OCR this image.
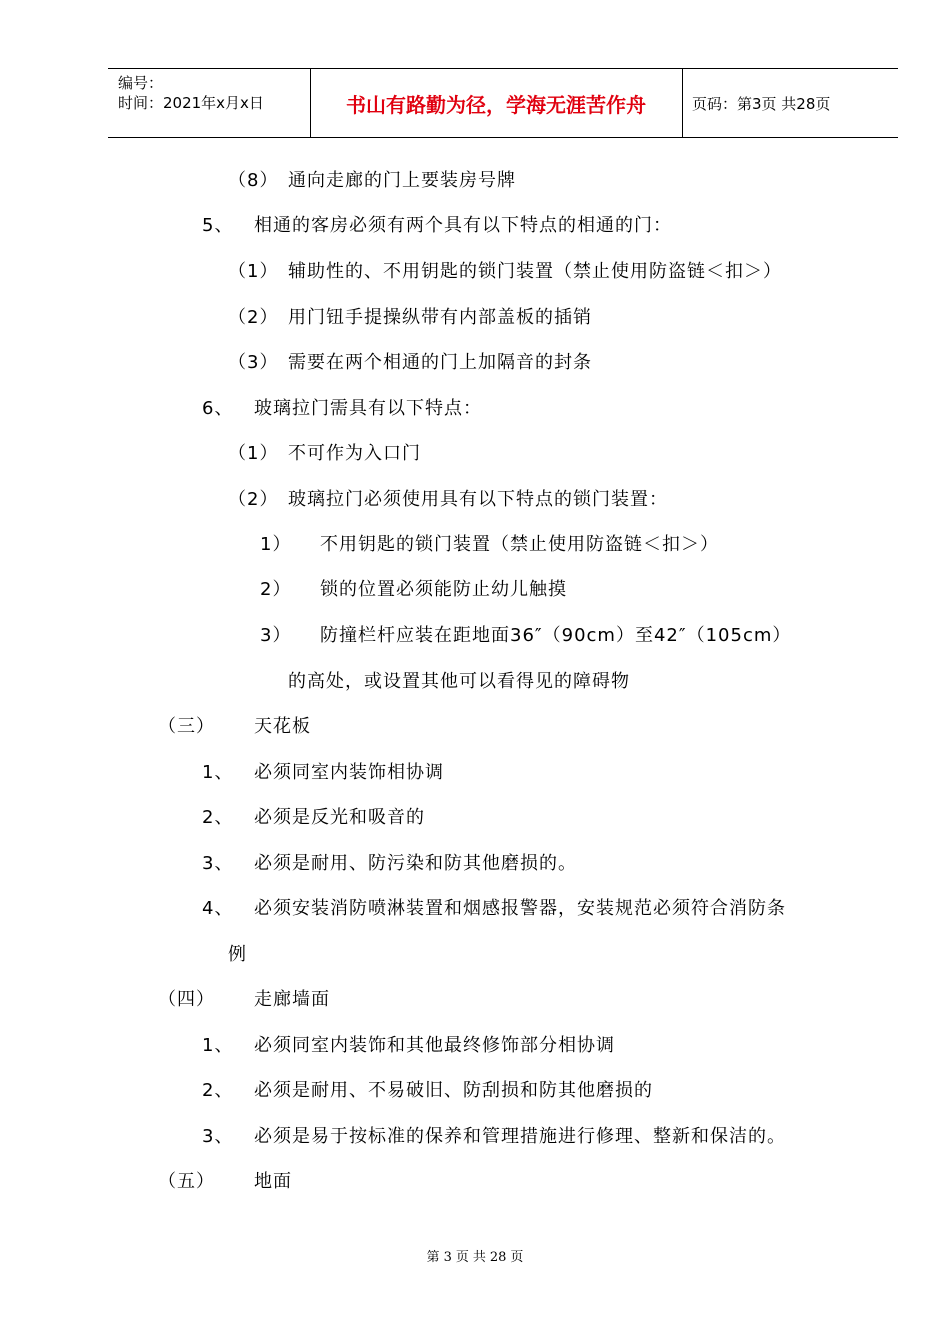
编号：
时间：2021年x月x日	书山有路勤为径，学海无涯苦作舟	页码：第3页 共28页
（8） 通向走廊的门上要装房号牌
5、 相通的客房必须有两个具有以下特点的相通的门：
（1） 辅助性的、不用钥匙的锁门装置（禁止使用防盗链＜扣＞）
（2） 用门钮手提操纵带有内部盖板的插销
（3） 需要在两个相通的门上加隔音的封条
6、 玻璃拉门需具有以下特点：
（1） 不可作为入口门
（2） 玻璃拉门必须使用具有以下特点的锁门装置：
1） 不用钥匙的锁门装置（禁止使用防盗链＜扣＞）
2） 锁的位置必须能防止幼儿触摸
3） 防撞栏杆应装在距地面36″（90cm）至42″（105cm）
的高处，或设置其他可以看得见的障碍物
（三） 天花板
1、 必须同室内装饰相协调
2、 必须是反光和吸音的
3、 必须是耐用、防污染和防其他磨损的。
4、 必须安装消防喷淋装置和烟感报警器，安装规范必须符合消防条
例
（四） 走廊墙面
1、 必须同室内装饰和其他最终修饰部分相协调
2、 必须是耐用、不易破旧、防刮损和防其他磨损的
3、 必须是易于按标准的保养和管理措施进行修理、整新和保洁的。
（五） 地面
第 3 页 共 28 页
